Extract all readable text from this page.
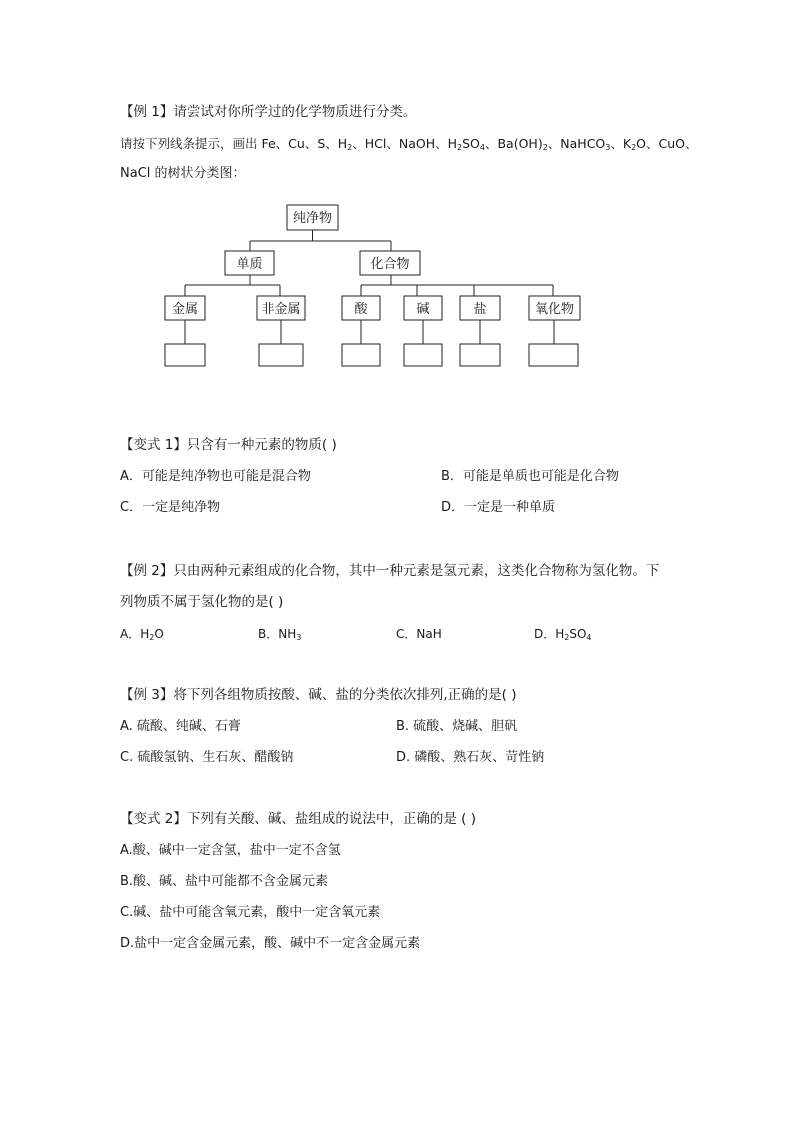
【例 1】请尝试对你所学过的化学物质进行分类。
请按下列线条提示，画出 Fe、Cu、S、$H_2$、HCl、NaOH、$H_2SO_4$、$Ba(OH)_2$、NaHCO$_3$、$K_2O$、CuO、
NaCl 的树状分类图：
纯净物
单质	化合物
金属	非金属	酸	碱	盐	氧化物
【变式 1】只含有一种元素的物质( )
A．可能是纯净物也可能是混合物	B．可能是单质也可能是化合物
C．一定是纯净物	D．一定是一种单质
【例 2】只由两种元素组成的化合物，其中一种元素是氢元素，这类化合物称为氢化物。下
列物质不属于氢化物的是( )
A．$H_2O$	B．$NH_3$	C．NaH	D．$H_2SO_4$
【例 3】将下列各组物质按酸、碱、盐的分类依次排列,正确的是( )
A. 硫酸、纯碱、石膏	B. 硫酸、烧碱、胆矾
C. 硫酸氢钠、生石灰、醋酸钠	D. 磷酸、熟石灰、苛性钠
【变式 2】下列有关酸、碱、盐组成的说法中，正确的是 ( )
A.酸、碱中一定含氢，盐中一定不含氢
B.酸、碱、盐中可能都不含金属元素
C.碱、盐中可能含氧元素，酸中一定含氧元素
D.盐中一定含金属元素，酸、碱中不一定含金属元素
